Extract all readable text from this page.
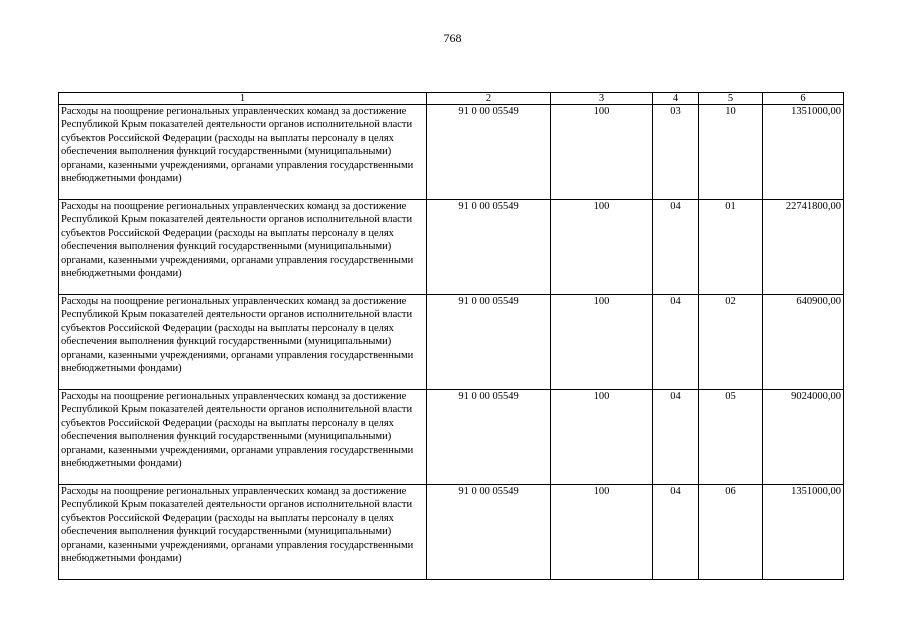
768
1	2	3	4	5	6
Расходы на поощрение региональных управленческих команд за достижение Республикой Крым показателей деятельности органов исполнительной власти субъектов Российской Федерации (расходы на выплаты персоналу в целях обеспечения выполнения функций государственными (муниципальными) органами, казенными учреждениями, органами управления государственными внебюджетными фондами)	91 0 00 05549	100	03	10	1351000,00
Расходы на поощрение региональных управленческих команд за достижение Республикой Крым показателей деятельности органов исполнительной власти субъектов Российской Федерации (расходы на выплаты персоналу в целях обеспечения выполнения функций государственными (муниципальными) органами, казенными учреждениями, органами управления государственными внебюджетными фондами)	91 0 00 05549	100	04	01	22741800,00
Расходы на поощрение региональных управленческих команд за достижение Республикой Крым показателей деятельности органов исполнительной власти субъектов Российской Федерации (расходы на выплаты персоналу в целях обеспечения выполнения функций государственными (муниципальными) органами, казенными учреждениями, органами управления государственными внебюджетными фондами)	91 0 00 05549	100	04	02	640900,00
Расходы на поощрение региональных управленческих команд за достижение Республикой Крым показателей деятельности органов исполнительной власти субъектов Российской Федерации (расходы на выплаты персоналу в целях обеспечения выполнения функций государственными (муниципальными) органами, казенными учреждениями, органами управления государственными внебюджетными фондами)	91 0 00 05549	100	04	05	9024000,00
Расходы на поощрение региональных управленческих команд за достижение Республикой Крым показателей деятельности органов исполнительной власти субъектов Российской Федерации (расходы на выплаты персоналу в целях обеспечения выполнения функций государственными (муниципальными) органами, казенными учреждениями, органами управления государственными внебюджетными фондами)	91 0 00 05549	100	04	06	1351000,00
